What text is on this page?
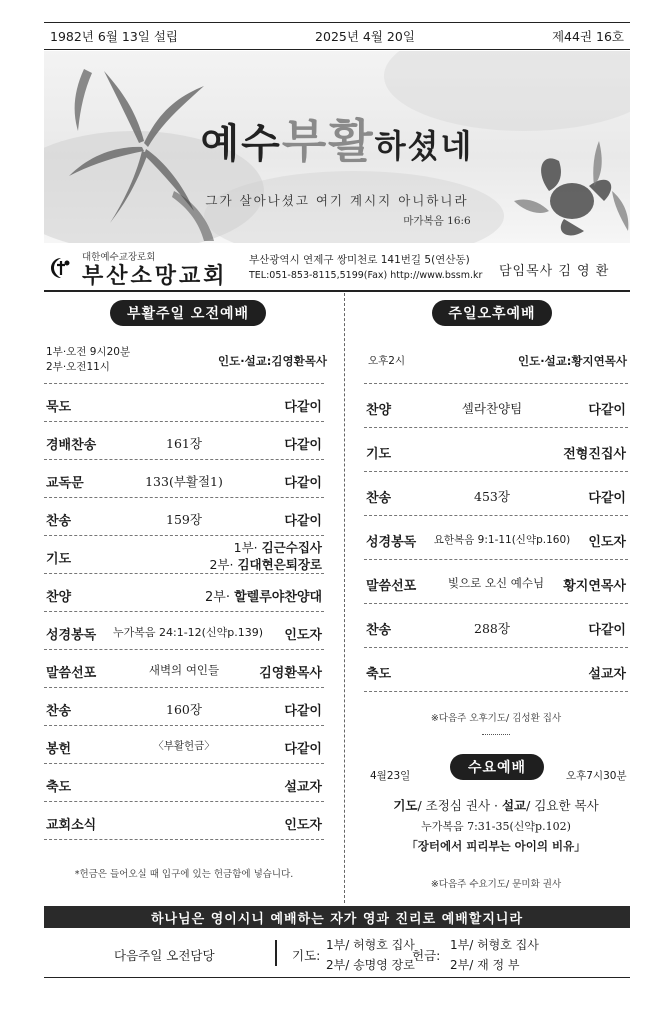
1982년 6월 13일 설립	2025년 4월 20일	제44권 16호
예수부활하셨네
그가 살아나셨고 여기 계시지 아니하니라
마가복음 16:6
대한예수교장로회
부산소망교회
부산광역시 연제구 쌍미천로 141번길 5(연산동)
TEL:051-853-8115,5199(Fax) http://www.bssm.kr 담임목사 김 영 환
부활주일 오전예배
1부·오전 9시20분
2부·오전11시	인도·설교:김영환목사
묵도	다같이
경배찬송	161장	다같이
교독문	133(부활절1)	다같이
찬송	159장	다같이
기도
1부· 김근수집사
2부· 김대현은퇴장로
찬양	2부· 할렐루야찬양대
성경봉독 누가복음 24:1-12(신약p.139) 인도자
말씀선포	새벽의 여인들	김영환목사
찬송	160장	다같이
봉헌	〈부활헌금〉	다같이
축도	설교자
교회소식	인도자
*헌금은 들어오실 때 입구에 있는 헌금함에 넣습니다.
주일오후예배
오후2시	인도·설교:황지연목사
찬양	셀라찬양팀	다같이
기도	전형진집사
찬송	453장	다같이
성경봉독 요한복음 9:1-11(신약p.160) 인도자
말씀선포	빛으로 오신 예수님 황지연목사
찬송	288장	다같이
축도	설교자
※다음주 오후기도/ 김성환 집사
4월23일	수요예배	오후7시30분
기도/ 조정심 권사 · 설교/ 김요한 목사
누가복음 7:31-35(신약p.102)
「장터에서 피리부는 아이의 비유」
※다음주 수요기도/ 문미화 권사
하나님은 영이시니 예배하는 자가 영과 진리로 예배할지니라
다음주일 오전담당	기도:
1부/ 허형호 집사
2부/ 송명영 장로
헌금:
1부/ 허형호 집사
2부/ 재 정 부
